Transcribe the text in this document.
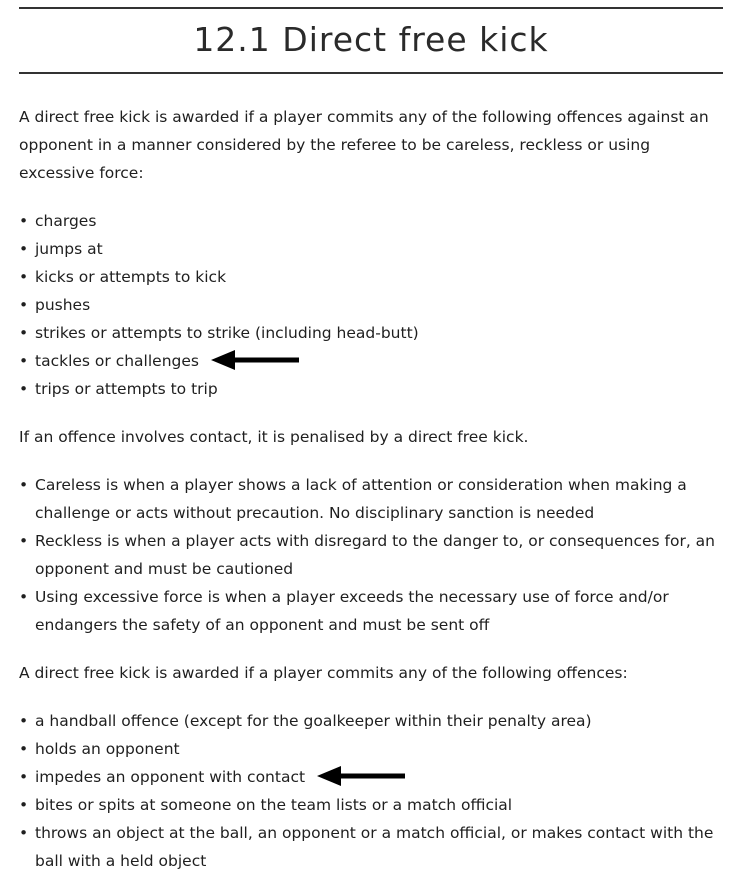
12.1 Direct free kick

A direct free kick is awarded if a player commits any of the following offences against an opponent in a manner considered by the referee to be careless, reckless or using excessive force:

• charges
• jumps at
• kicks or attempts to kick
• pushes
• strikes or attempts to strike (including head-butt)
• tackles or challenges
• trips or attempts to trip

If an offence involves contact, it is penalised by a direct free kick.

• Careless is when a player shows a lack of attention or consideration when making a challenge or acts without precaution. No disciplinary sanction is needed
• Reckless is when a player acts with disregard to the danger to, or consequences for, an opponent and must be cautioned
• Using excessive force is when a player exceeds the necessary use of force and/or endangers the safety of an opponent and must be sent off

A direct free kick is awarded if a player commits any of the following offences:

• a handball offence (except for the goalkeeper within their penalty area)
• holds an opponent
• impedes an opponent with contact
• bites or spits at someone on the team lists or a match official
• throws an object at the ball, an opponent or a match official, or makes contact with the ball with a held object
